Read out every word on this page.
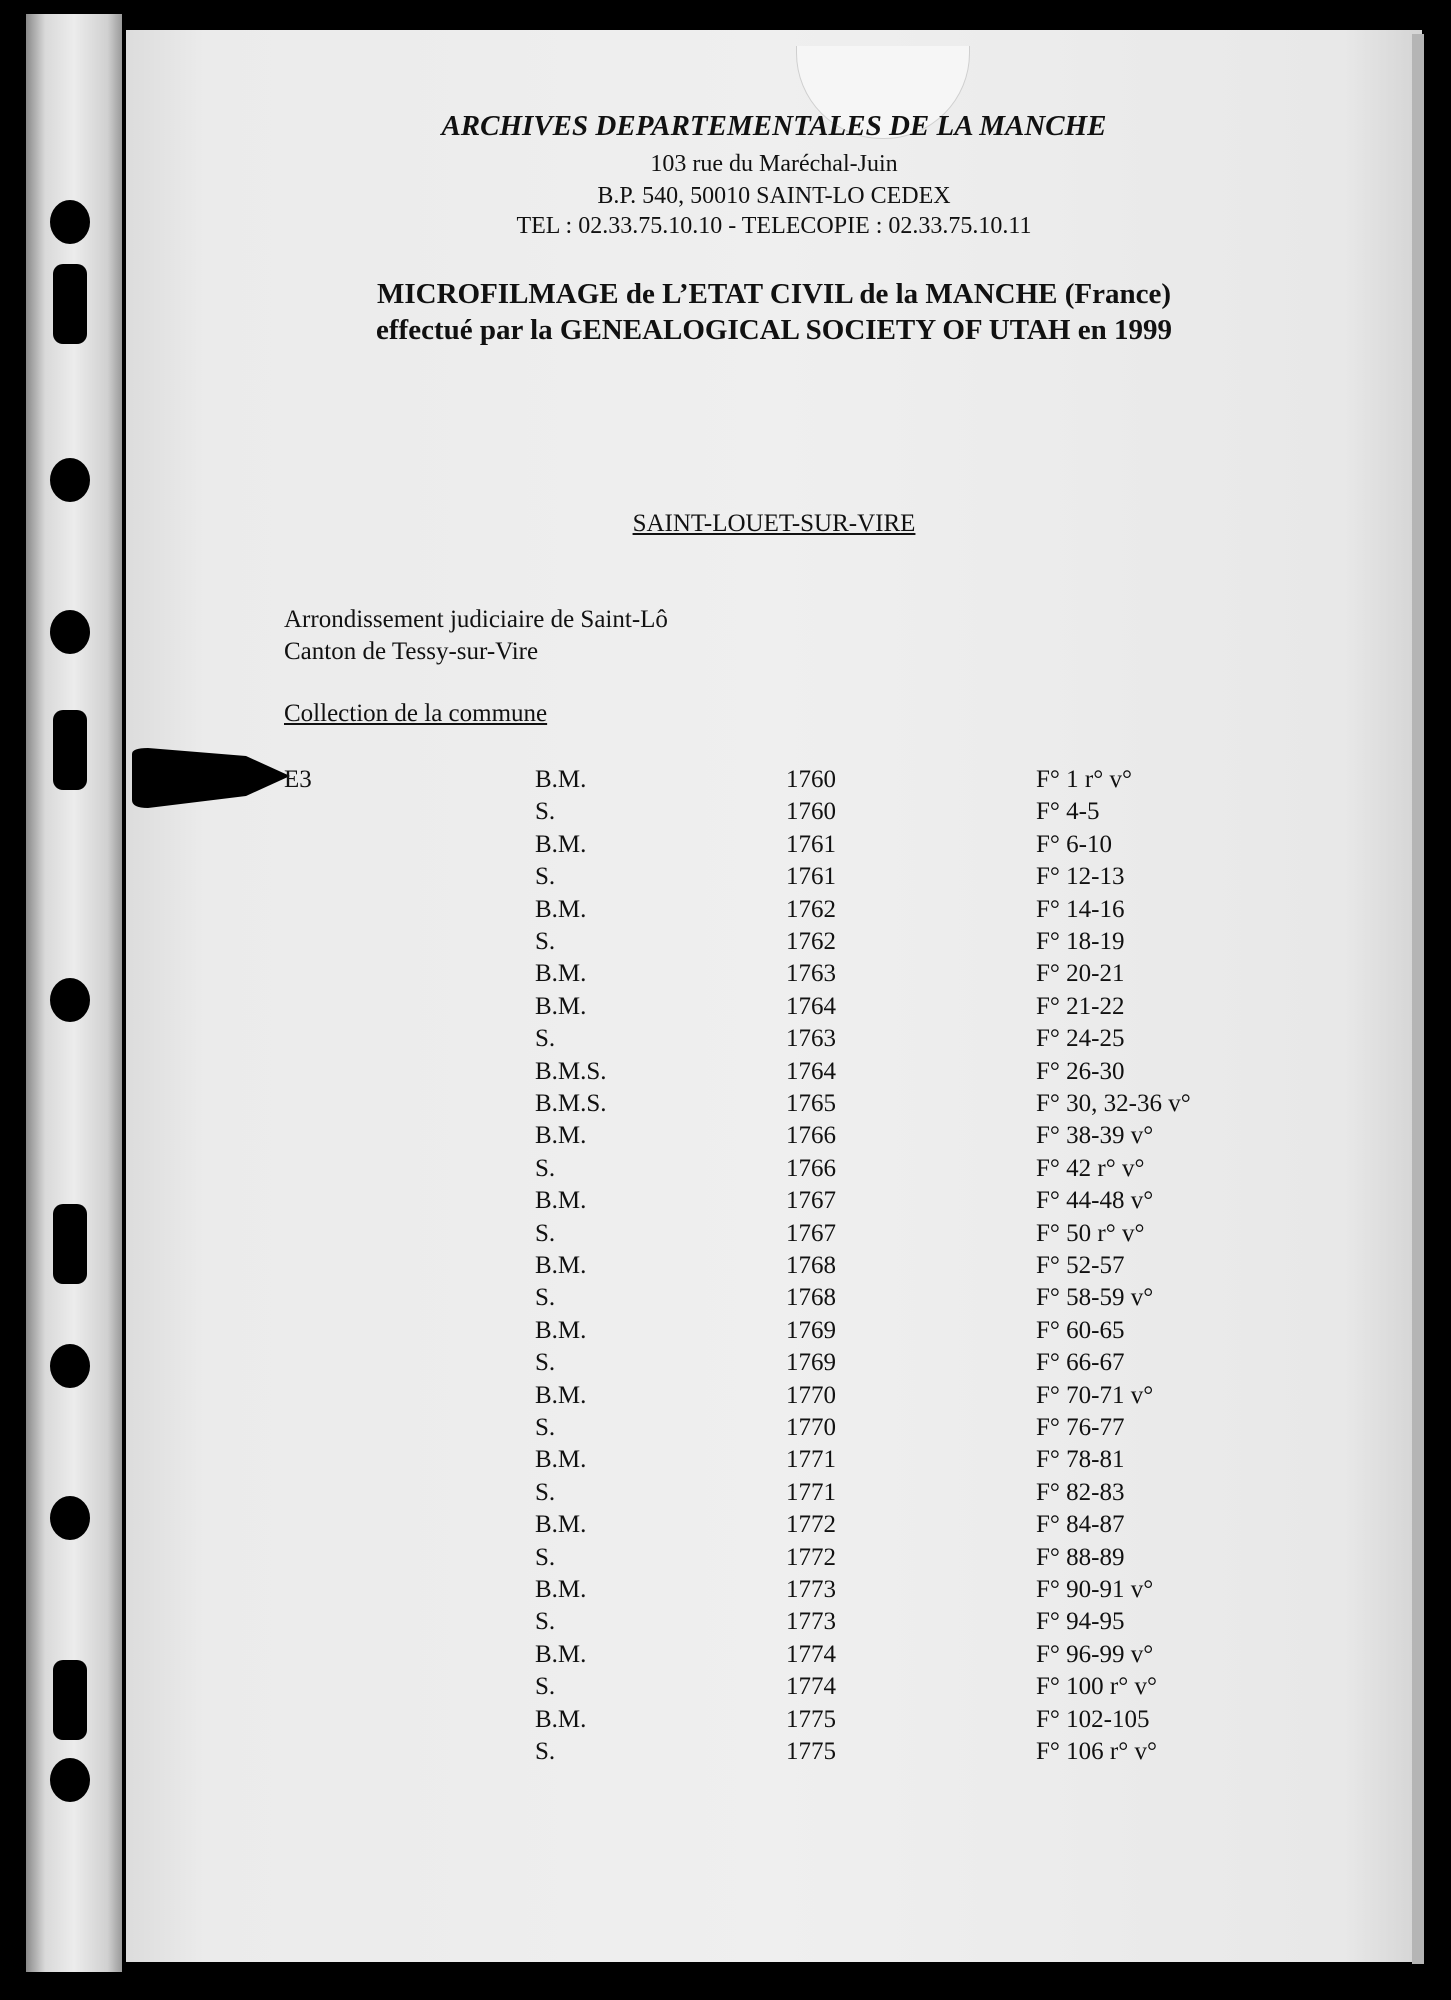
ARCHIVES DEPARTEMENTALES DE LA MANCHE
103 rue du Maréchal-Juin
B.P. 540, 50010 SAINT-LO CEDEX
TEL : 02.33.75.10.10 - TELECOPIE : 02.33.75.10.11
MICROFILMAGE de L’ETAT CIVIL de la MANCHE (France)
effectué par la GENEALOGICAL SOCIETY OF UTAH en 1999
SAINT-LOUET-SUR-VIRE
Arrondissement judiciaire de Saint-Lô
Canton de Tessy-sur-Vire
Collection de la commune
E3	B.M.	1760	F° 1 r° v°
S.	1760	F° 4-5
B.M.	1761	F° 6-10
S.	1761	F° 12-13
B.M.	1762	F° 14-16
S.	1762	F° 18-19
B.M.	1763	F° 20-21
B.M.	1764	F° 21-22
S.	1763	F° 24-25
B.M.S.	1764	F° 26-30
B.M.S.	1765	F° 30, 32-36 v°
B.M.	1766	F° 38-39 v°
S.	1766	F° 42 r° v°
B.M.	1767	F° 44-48 v°
S.	1767	F° 50 r° v°
B.M.	1768	F° 52-57
S.	1768	F° 58-59 v°
B.M.	1769	F° 60-65
S.	1769	F° 66-67
B.M.	1770	F° 70-71 v°
S.	1770	F° 76-77
B.M.	1771	F° 78-81
S.	1771	F° 82-83
B.M.	1772	F° 84-87
S.	1772	F° 88-89
B.M.	1773	F° 90-91 v°
S.	1773	F° 94-95
B.M.	1774	F° 96-99 v°
S.	1774	F° 100 r° v°
B.M.	1775	F° 102-105
S.	1775	F° 106 r° v°
